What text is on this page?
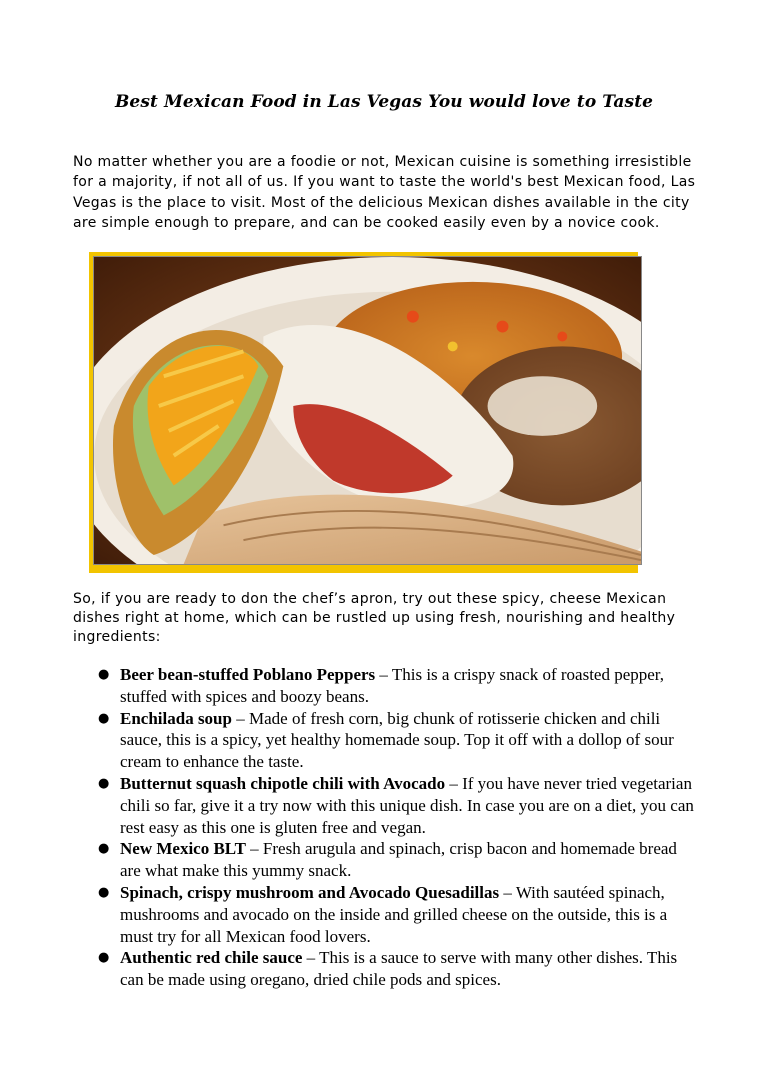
Best Mexican Food in Las Vegas You would love to Taste
No matter whether you are a foodie or not, Mexican cuisine is something irresistible for a majority, if not all of us. If you want to taste the world's best Mexican food, Las Vegas is the place to visit. Most of the delicious Mexican dishes available in the city are simple enough to prepare, and can be cooked easily even by a novice cook.
So, if you are ready to don the chef’s apron, try out these spicy, cheese Mexican dishes right at home, which can be rustled up using fresh, nourishing and healthy ingredients:
● Beer bean-stuffed Poblano Peppers – This is a crispy snack of roasted pepper, stuffed with spices and boozy beans.
● Enchilada soup – Made of fresh corn, big chunk of rotisserie chicken and chili sauce, this is a spicy, yet healthy homemade soup. Top it off with a dollop of sour cream to enhance the taste.
● Butternut squash chipotle chili with Avocado – If you have never tried vegetarian chili so far, give it a try now with this unique dish. In case you are on a diet, you can rest easy as this one is gluten free and vegan.
● New Mexico BLT – Fresh arugula and spinach, crisp bacon and homemade bread are what make this yummy snack.
● Spinach, crispy mushroom and Avocado Quesadillas – With sautéed spinach, mushrooms and avocado on the inside and grilled cheese on the outside, this is a must try for all Mexican food lovers.
● Authentic red chile sauce – This is a sauce to serve with many other dishes. This can be made using oregano, dried chile pods and spices.
